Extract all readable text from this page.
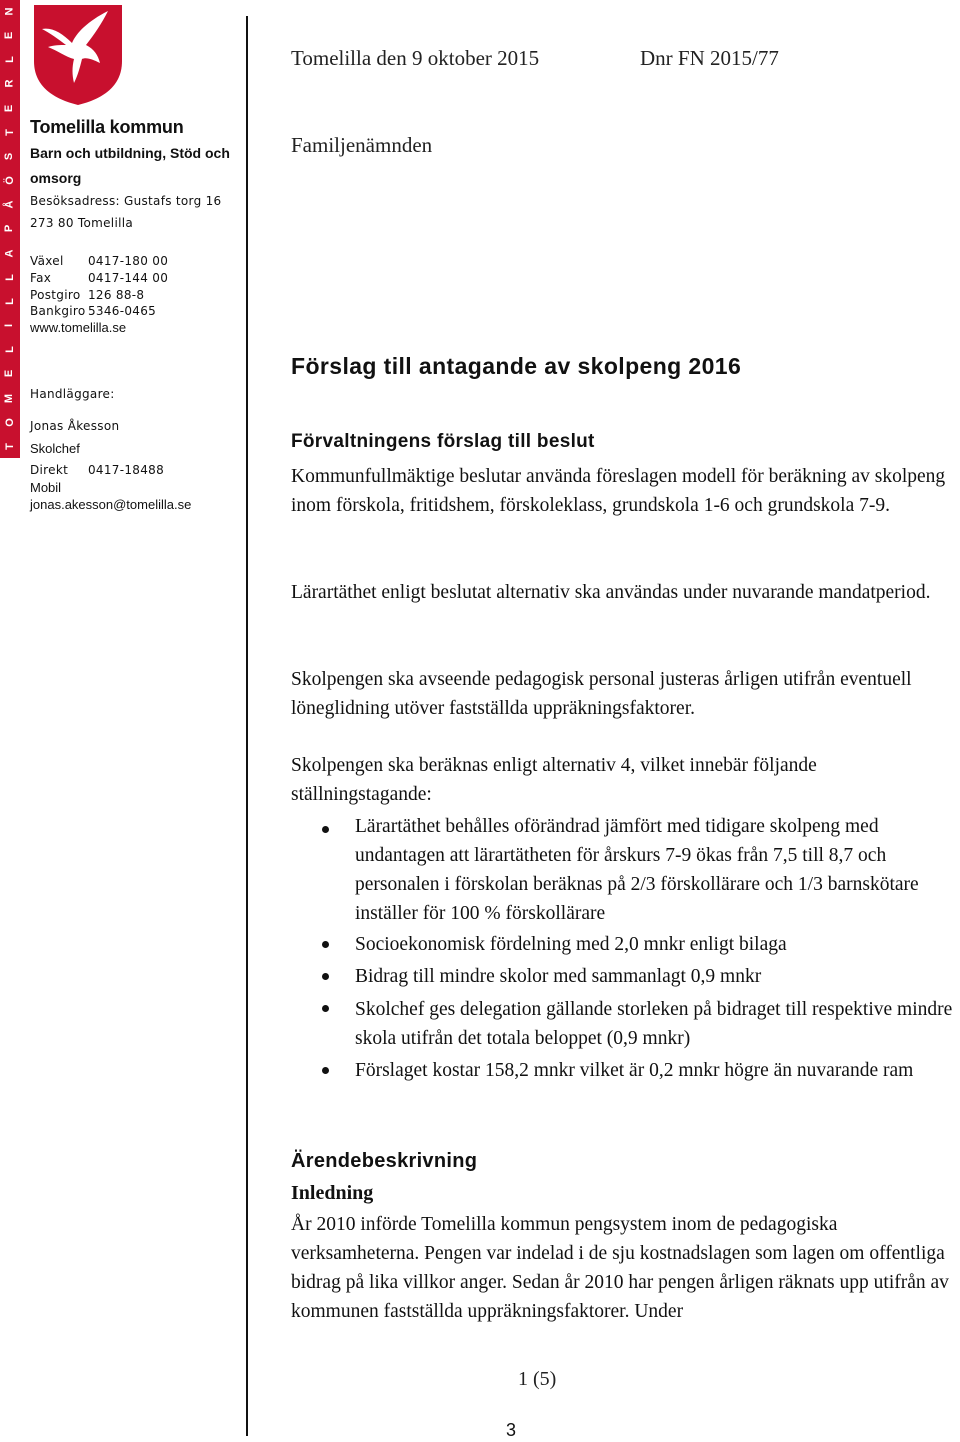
N
E
L
R
E
T
S
Ö
Å
P
A
L
L
I
L
E
M
O
T
Tomelilla kommun
Barn och utbildning, Stöd och
omsorg
Besöksadress: Gustafs torg 16
273 80 Tomelilla
Växel 0417-180 00
Fax	0417-144 00
Postgiro 126 88-8
Bankgiro 5346-0465
www.tomelilla.se
Handläggare:
Jonas Åkesson
Skolchef
Direkt 0417-18488
Mobil
jonas.akesson@tomelilla.se
Tomelilla den 9 oktober 2015	Dnr FN 2015/77
Familjenämnden
Förslag till antagande av skolpeng 2016
Förvaltningens förslag till beslut
Kommunfullmäktige beslutar använda föreslagen modell för beräkning av skolpeng inom förskola, fritidshem, förskoleklass, grundskola 1-6 och grundskola 7-9.
Lärartäthet enligt beslutat alternativ ska användas under nuvarande mandatperiod.
Skolpengen ska avseende pedagogisk personal justeras årligen utifrån eventuell löneglidning utöver fastställda uppräkningsfaktorer.
Skolpengen ska beräknas enligt alternativ 4, vilket innebär följande ställningstagande:
Lärartäthet behålles oförändrad jämfört med tidigare skolpeng med undantagen att lärartätheten för årskurs 7-9 ökas från 7,5 till 8,7 och personalen i förskolan beräknas på 2/3 förskollärare och 1/3 barnskötare inställer för 100 % förskollärare
Socioekonomisk fördelning med 2,0 mnkr enligt bilaga
Bidrag till mindre skolor med sammanlagt 0,9 mnkr
Skolchef ges delegation gällande storleken på bidraget till respektive mindre skola utifrån det totala beloppet (0,9 mnkr)
Förslaget kostar 158,2 mnkr vilket är 0,2 mnkr högre än nuvarande ram
Ärendebeskrivning
Inledning
År 2010 införde Tomelilla kommun pengsystem inom de pedagogiska verksamheterna. Pengen var indelad i de sju kostnadslagen som lagen om offentliga bidrag på lika villkor anger. Sedan år 2010 har pengen årligen räknats upp utifrån av kommunen fastställda uppräkningsfaktorer. Under
1 (5)
3
